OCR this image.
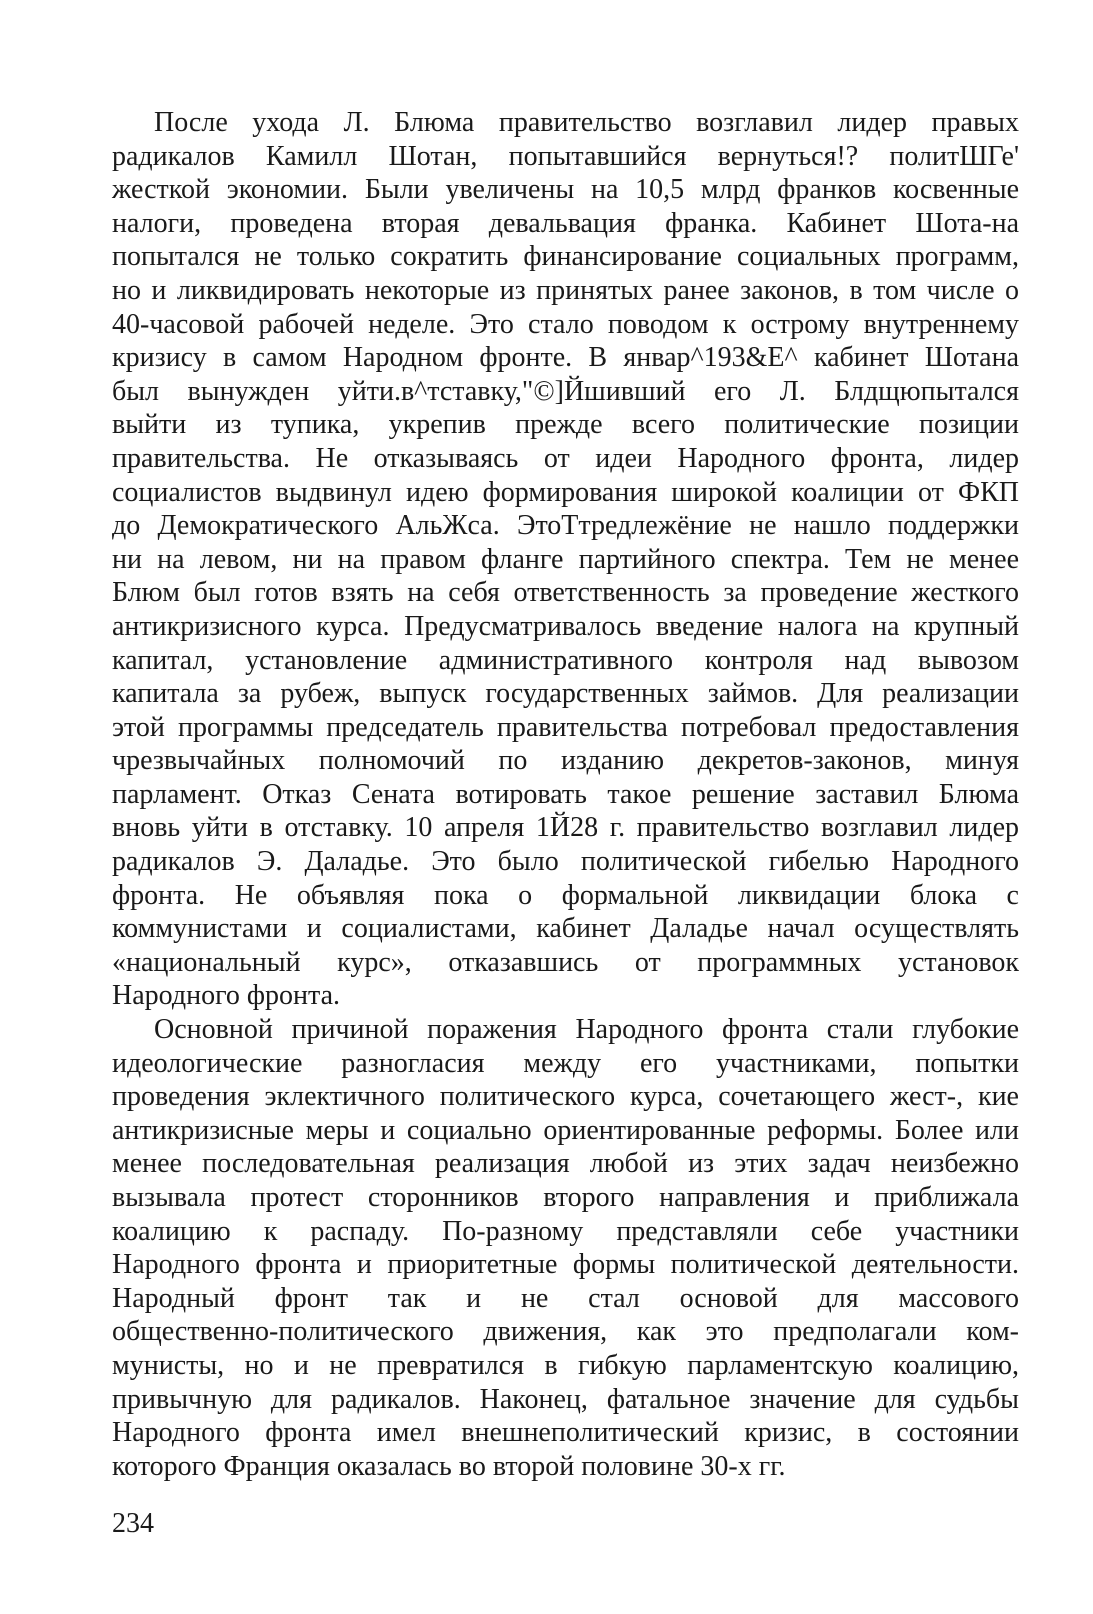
После ухода Л. Блюма правительство возглавил лидер правых
радикалов Камилл Шотан, попытавшийся вернуться!? политШГе'
жесткой экономии. Были увеличены на 10,5 млрд франков косвенные
налоги, проведена вторая девальвация франка. Кабинет Шота-на
попытался не только сократить финансирование социальных программ,
но и ликвидировать некоторые из принятых ранее законов, в том числе о
40-часовой рабочей неделе. Это стало поводом к острому внутреннему
кризису в самом Народном фронте. В январ^193&Е^ кабинет Шотана
был вынужден уйти.в^тставку,"©]Йшивший его Л. Блдщюпытался
выйти из тупика, укрепив прежде всего политические позиции
правительства. Не отказываясь от идеи Народного фронта, лидер
социалистов выдвинул идею формирования широкой коалиции от ФКП
до Демократического АльЖса. ЭтоТтредлежёние не нашло поддержки
ни на левом, ни на правом фланге партийного спектра. Тем не менее
Блюм был готов взять на себя ответственность за проведение жесткого
антикризисного курса. Предусматривалось введение налога на крупный
капитал, установление административного контроля над вывозом
капитала за рубеж, выпуск государственных займов. Для реализации
этой программы председатель правительства потребовал предоставления
чрезвычайных полномочий по изданию декретов-законов, минуя
парламент. Отказ Сената вотировать такое решение заставил Блюма
вновь уйти в отставку. 10 апреля 1Й28 г. правительство возглавил лидер
радикалов Э. Даладье. Это было политической гибелью Народного
фронта. Не объявляя пока о формальной ликвидации блока с
коммунистами и социалистами, кабинет Даладье начал осуществлять
«национальный курс», отказавшись от программных установок
Народного фронта.
Основной причиной поражения Народного фронта стали глубокие
идеологические разногласия между его участниками, попытки
проведения эклектичного политического курса, сочетающего жест-, кие
антикризисные меры и социально ориентированные реформы. Более или
менее последовательная реализация любой из этих задач неизбежно
вызывала протест сторонников второго направления и приближала
коалицию к распаду. По-разному представляли себе участники
Народного фронта и приоритетные формы политической деятельности.
Народный фронт так и не стал основой для массового
общественно-политического движения, как это предполагали ком-
мунисты, но и не превратился в гибкую парламентскую коалицию,
привычную для радикалов. Наконец, фатальное значение для судьбы
Народного фронта имел внешнеполитический кризис, в состоянии
которого Франция оказалась во второй половине 30-х гг.
234
